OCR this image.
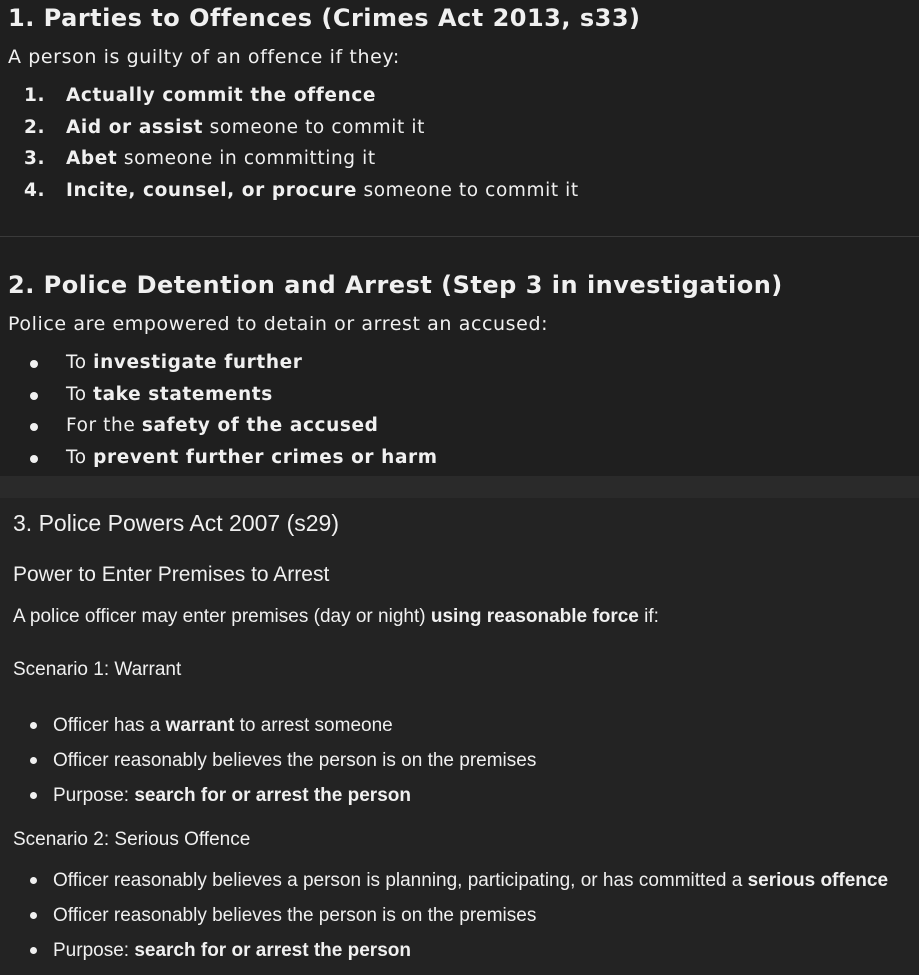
1. Parties to Offences (Crimes Act 2013, s33)

A person is guilty of an offence if they:

1. Actually commit the offence
2. Aid or assist someone to commit it
3. Abet someone in committing it
4. Incite, counsel, or procure someone to commit it
2. Police Detention and Arrest (Step 3 in investigation)

Police are empowered to detain or arrest an accused:

To investigate further
To take statements
For the safety of the accused
To prevent further crimes or harm
3. Police Powers Act 2007 (s29)
Power to Enter Premises to Arrest

A police officer may enter premises (day or night) using reasonable force if:

Scenario 1: Warrant

Officer has a warrant to arrest someone
Officer reasonably believes the person is on the premises
Purpose: search for or arrest the person

Scenario 2: Serious Offence

Officer reasonably believes a person is planning, participating, or has committed a serious offence
Officer reasonably believes the person is on the premises
Purpose: search for or arrest the person
